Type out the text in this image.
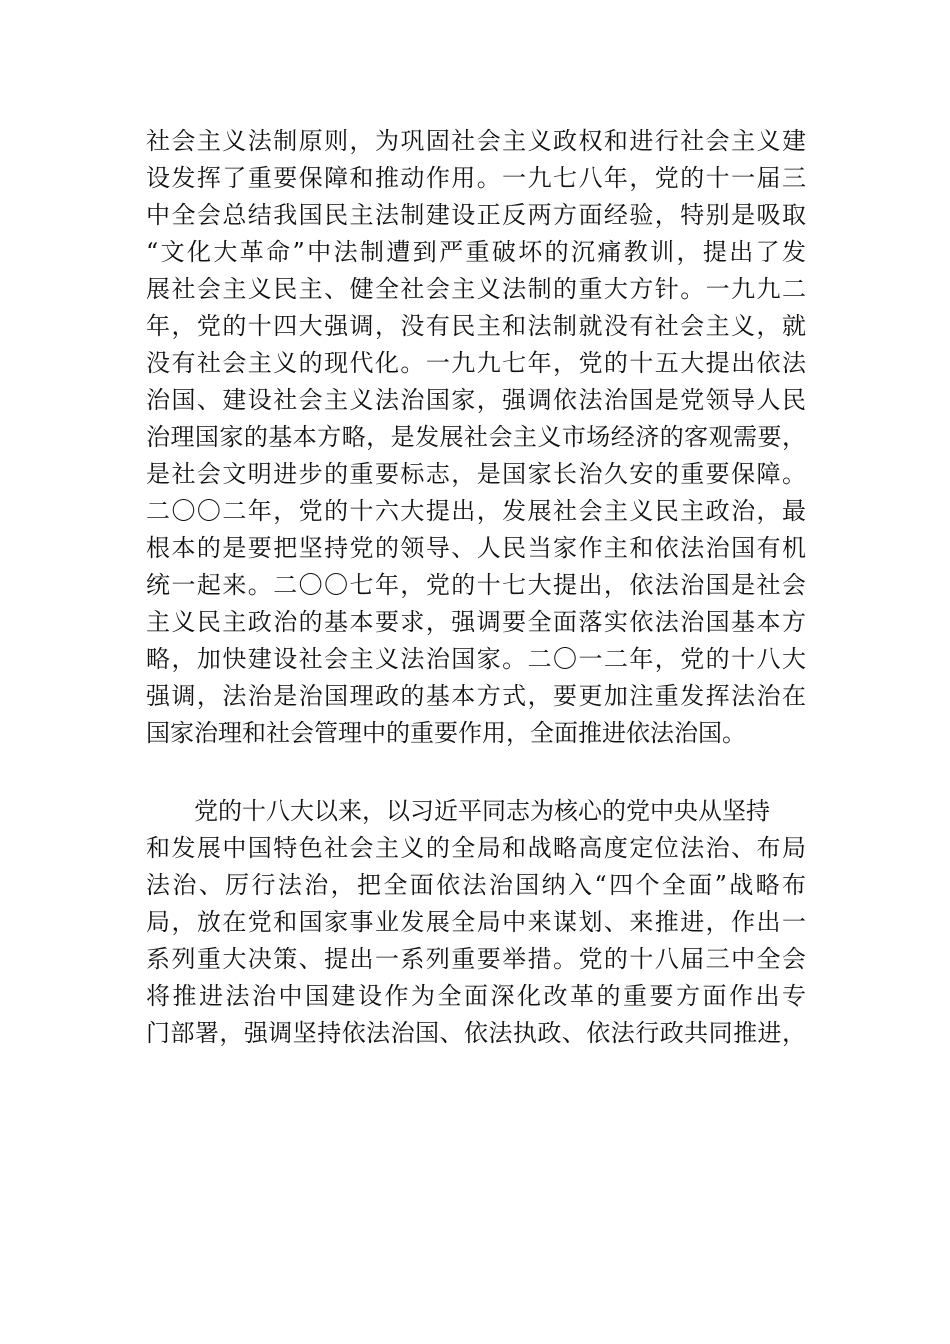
社会主义法制原则，为巩固社会主义政权和进行社会主义建
设发挥了重要保障和推动作用。一九七八年，党的十一届三
中全会总结我国民主法制建设正反两方面经验，特别是吸取
“文化大革命”中法制遭到严重破坏的沉痛教训，提出了发
展社会主义民主、健全社会主义法制的重大方针。一九九二
年，党的十四大强调，没有民主和法制就没有社会主义，就
没有社会主义的现代化。一九九七年，党的十五大提出依法
治国、建设社会主义法治国家，强调依法治国是党领导人民
治理国家的基本方略，是发展社会主义市场经济的客观需要，
是社会文明进步的重要标志，是国家长治久安的重要保障。
二〇〇二年，党的十六大提出，发展社会主义民主政治，最
根本的是要把坚持党的领导、人民当家作主和依法治国有机
统一起来。二〇〇七年，党的十七大提出，依法治国是社会
主义民主政治的基本要求，强调要全面落实依法治国基本方
略，加快建设社会主义法治国家。二〇一二年，党的十八大
强调，法治是治国理政的基本方式，要更加注重发挥法治在
国家治理和社会管理中的重要作用，全面推进依法治国。
党的十八大以来，以习近平同志为核心的党中央从坚持
和发展中国特色社会主义的全局和战略高度定位法治、布局
法治、厉行法治，把全面依法治国纳入“四个全面”战略布
局，放在党和国家事业发展全局中来谋划、来推进，作出一
系列重大决策、提出一系列重要举措。党的十八届三中全会
将推进法治中国建设作为全面深化改革的重要方面作出专
门部署，强调坚持依法治国、依法执政、依法行政共同推进，
